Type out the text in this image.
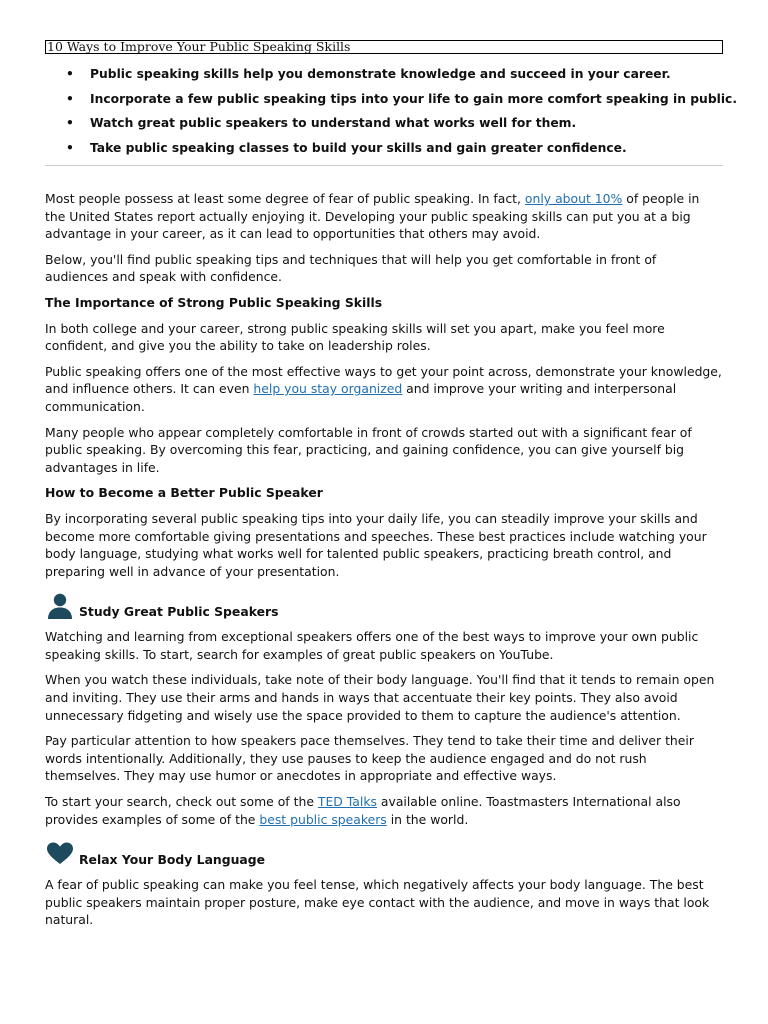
10 Ways to Improve Your Public Speaking Skills
• Public speaking skills help you demonstrate knowledge and succeed in your career.
• Incorporate a few public speaking tips into your life to gain more comfort speaking in public.
• Watch great public speakers to understand what works well for them.
• Take public speaking classes to build your skills and gain greater confidence.

Most people possess at least some degree of fear of public speaking. In fact, only about 10% of people in the United States report actually enjoying it. Developing your public speaking skills can put you at a big advantage in your career, as it can lead to opportunities that others may avoid.

Below, you'll find public speaking tips and techniques that will help you get comfortable in front of audiences and speak with confidence.

The Importance of Strong Public Speaking Skills

In both college and your career, strong public speaking skills will set you apart, make you feel more confident, and give you the ability to take on leadership roles.

Public speaking offers one of the most effective ways to get your point across, demonstrate your knowledge, and influence others. It can even help you stay organized and improve your writing and interpersonal communication.

Many people who appear completely comfortable in front of crowds started out with a significant fear of public speaking. By overcoming this fear, practicing, and gaining confidence, you can give yourself big advantages in life.

How to Become a Better Public Speaker

By incorporating several public speaking tips into your daily life, you can steadily improve your skills and become more comfortable giving presentations and speeches. These best practices include watching your body language, studying what works well for talented public speakers, practicing breath control, and preparing well in advance of your presentation.

Study Great Public Speakers

Watching and learning from exceptional speakers offers one of the best ways to improve your own public speaking skills. To start, search for examples of great public speakers on YouTube.

When you watch these individuals, take note of their body language. You'll find that it tends to remain open and inviting. They use their arms and hands in ways that accentuate their key points. They also avoid unnecessary fidgeting and wisely use the space provided to them to capture the audience's attention.

Pay particular attention to how speakers pace themselves. They tend to take their time and deliver their words intentionally. Additionally, they use pauses to keep the audience engaged and do not rush themselves. They may use humor or anecdotes in appropriate and effective ways.

To start your search, check out some of the TED Talks available online. Toastmasters International also provides examples of some of the best public speakers in the world.

Relax Your Body Language

A fear of public speaking can make you feel tense, which negatively affects your body language. The best public speakers maintain proper posture, make eye contact with the audience, and move in ways that look natural.
